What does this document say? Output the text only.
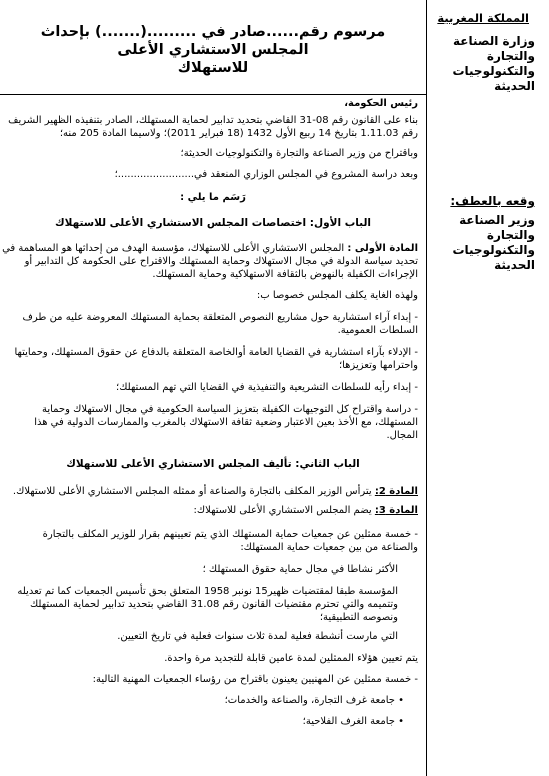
المملكة المغربية
وزارة الصناعة والتجارة والتكنولوجيات الحديثة
وقعه بالعطف:
وزير الصناعة والتجارة والتكنولوجيات الحديثة
مرسوم رقم......صادر في .........(.......) بإحداث المجلس الاستشاري الأعلى
للاستهلاك
رئيس الحكومة،
بناء على القانون رقم 08-31 القاضي بتحديد تدابير لحماية المستهلك، الصادر بتنفيذه الظهير الشريف
رقم 1.11.03 بتاريخ 14 ربيع الأول 1432 (18 فبراير 2011)؛ ولاسيما المادة 205 منه؛
وباقتراح من وزير الصناعة والتجارة والتكنولوجيات الحديثة؛
وبعد دراسة المشروع في المجلس الوزاري المنعقد في........................؛
رَسَم ما يلي :
الباب الأول: اختصاصات المجلس الاستشاري الأعلى للاستهلاك
المادة الأولى : المجلس الاستشاري الأعلى للاستهلاك، مؤسسة الهدف من إحداثها هو المساهمة في
تحديد سياسة الدولة في مجال الاستهلاك وحماية المستهلك والاقتراح على الحكومة كل التدابير أو
الإجراءات الكفيلة بالنهوض بالثقافة الاستهلاكية وحماية المستهلك.
ولهذه الغاية يكلف المجلس خصوصا ب:
- إبداء آراء استشارية حول مشاريع النصوص المتعلقة بحماية المستهلك المعروضة عليه من طرف
السلطات العمومية.
- الإدلاء بآراء استشارية في القضايا العامة أوالخاصة المتعلقة بالدفاع عن حقوق المستهلك، وحمايتها
واحترامها وتعزيزها؛
- إبداء رأيه للسلطات التشريعية والتنفيذية في القضايا التي تهم المستهلك؛
- دراسة واقتراح كل التوجيهات الكفيلة بتعزيز السياسة الحكومية في مجال الاستهلاك وحماية
المستهلك، مع الأخذ بعين الاعتبار وضعية ثقافة الاستهلاك بالمغرب والممارسات الدولية في هذا
المجال.
الباب الثاني: تأليف المجلس الاستشاري الأعلى للاستهلاك
المادة 2: يترأس الوزير المكلف بالتجارة والصناعة أو ممثله المجلس الاستشاري الأعلى للاستهلاك.
المادة 3: يضم المجلس الاستشاري الأعلى للاستهلاك:
- خمسة ممثلين عن جمعيات حماية المستهلك الذي يتم تعيينهم بقرار للوزير المكلف بالتجارة
والصناعة من بين جمعيات حماية المستهلك:
الأكثر نشاطا في مجال حماية حقوق المستهلك ؛
المؤسسة طبقا لمقتضيات ظهير15 نونبر 1958 المتعلق بحق تأسيس الجمعيات كما تم تعديله
وتتميمه والتي تحترم مقتضيات القانون رقم 31.08 القاضي بتحديد تدابير لحماية المستهلك
ونصوصه التطبيقية؛
التي مارست أنشطة فعلية لمدة ثلاث سنوات فعلية في تاريخ التعيين.
يتم تعيين هؤلاء الممثلين لمدة عامين قابلة للتجديد مرة واحدة.
- خمسة ممثلين عن المهنيين يعينون باقتراح من رؤساء الجمعيات المهنية التالية:
• جامعة غرف التجارة، والصناعة والخدمات؛
• جامعة الغرف الفلاحية؛
